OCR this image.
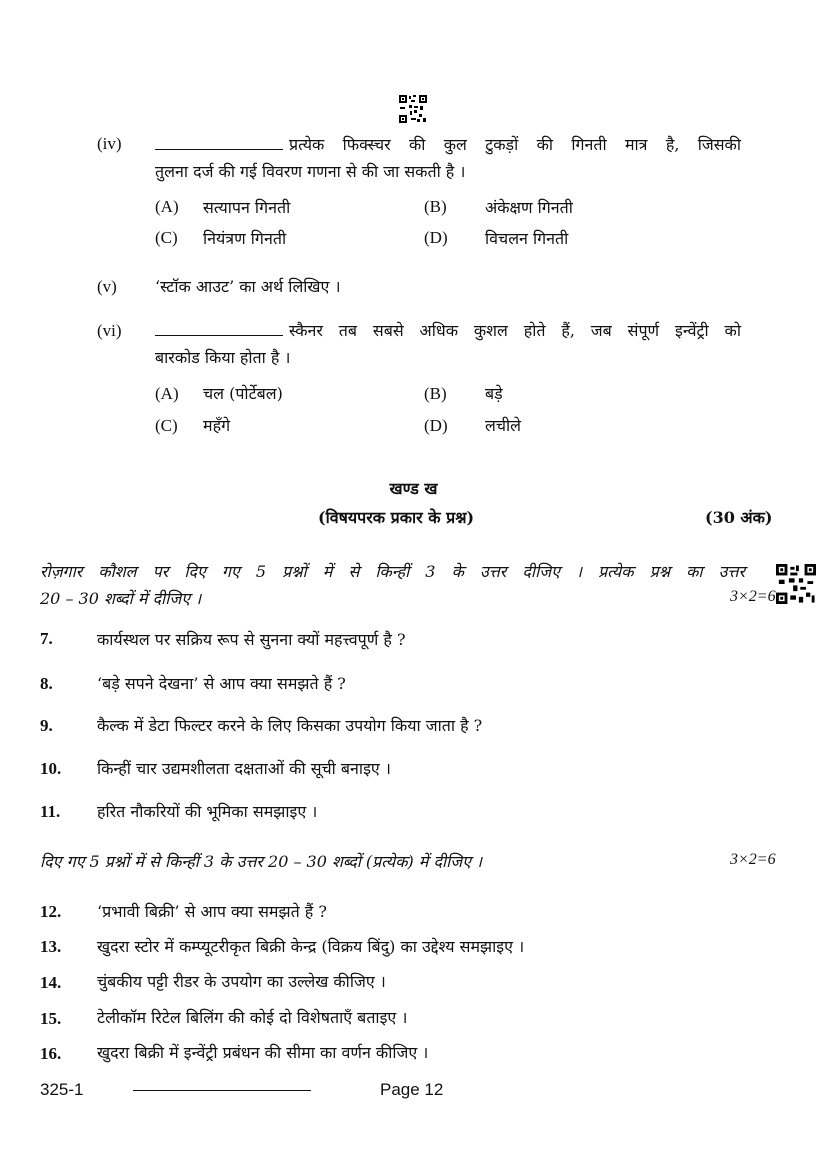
(iv)	प्रत्येक फिक्स्चर की कुल टुकड़ों की गिनती मात्र है, जिसकी
तुलना दर्ज की गई विवरण गणना से की जा सकती है ।
(A) सत्यापन गिनती	(B) अंकेक्षण गिनती
(C) नियंत्रण गिनती	(D) विचलन गिनती
(v) ‘स्टॉक आउट’ का अर्थ लिखिए ।
(vi)	स्कैनर तब सबसे अधिक कुशल होते हैं, जब संपूर्ण इन्वेंट्री को
बारकोड किया होता है ।
(A) चल (पोर्टेबल)	(B) बड़े
(C) महँगे	(D) लचीले
खण्ड ख
(विषयपरक प्रकार के प्रश्न)	(30 अंक)
रोज़गार कौशल पर दिए गए 5 प्रश्नों में से किन्हीं 3 के उत्तर दीजिए । प्रत्येक प्रश्न का उत्तर
20 – 30 शब्दों में दीजिए ।	3×2=6
7.	कार्यस्थल पर सक्रिय रूप से सुनना क्यों महत्त्वपूर्ण है ?
8.	‘बड़े सपने देखना’ से आप क्या समझते हैं ?
9.	कैल्क में डेटा फिल्टर करने के लिए किसका उपयोग किया जाता है ?
10. किन्हीं चार उद्यमशीलता दक्षताओं की सूची बनाइए ।
11. हरित नौकरियों की भूमिका समझाइए ।
दिए गए 5 प्रश्नों में से किन्हीं 3 के उत्तर 20 – 30 शब्दों (प्रत्येक) में दीजिए ।	3×2=6
12. ‘प्रभावी बिक्री’ से आप क्या समझते हैं ?
13. खुदरा स्टोर में कम्प्यूटरीकृत बिक्री केन्द्र (विक्रय बिंदु) का उद्देश्य समझाइए ।
14. चुंबकीय पट्टी रीडर के उपयोग का उल्लेख कीजिए ।
15. टेलीकॉम रिटेल बिलिंग की कोई दो विशेषताएँ बताइए ।
16. खुदरा बिक्री में इन्वेंट्री प्रबंधन की सीमा का वर्णन कीजिए ।
325-1	Page 12
